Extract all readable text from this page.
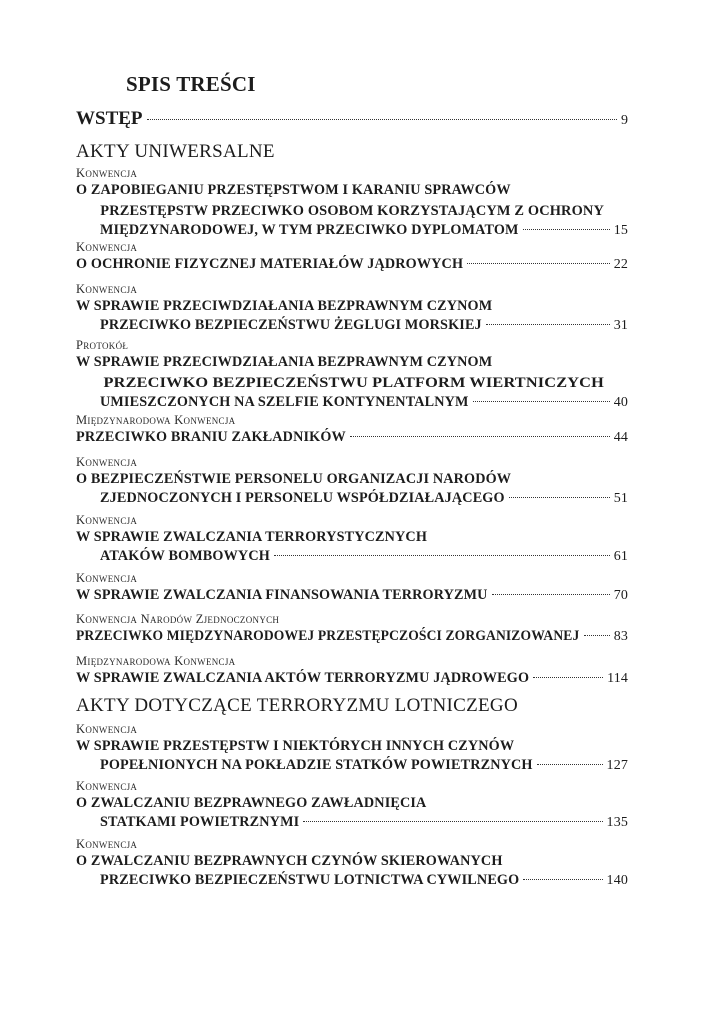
SPIS TREŚCI
WSTĘP	9
AKTY UNIWERSALNE
Konwencja
O ZAPOBIEGANIU PRZESTĘPSTWOM I KARANIU SPRAWCÓW
PRZESTĘPSTW PRZECIWKO OSOBOM KORZYSTAJĄCYM Z OCHRONY
MIĘDZYNARODOWEJ, W TYM PRZECIWKO DYPLOMATOM	15
Konwencja
O OCHRONIE FIZYCZNEJ MATERIAŁÓW JĄDROWYCH	22
Konwencja
W SPRAWIE PRZECIWDZIAŁANIA BEZPRAWNYM CZYNOM
PRZECIWKO BEZPIECZEŃSTWU ŻEGLUGI MORSKIEJ	31
Protokół
W SPRAWIE PRZECIWDZIAŁANIA BEZPRAWNYM CZYNOM
PRZECIWKO BEZPIECZEŃSTWU PLATFORM WIERTNICZYCH
UMIESZCZONYCH NA SZELFIE KONTYNENTALNYM	40
Międzynarodowa Konwencja
PRZECIWKO BRANIU ZAKŁADNIKÓW	44
Konwencja
O BEZPIECZEŃSTWIE PERSONELU ORGANIZACJI NARODÓW
ZJEDNOCZONYCH I PERSONELU WSPÓŁDZIAŁAJĄCEGO	51
Konwencja
W SPRAWIE ZWALCZANIA TERRORYSTYCZNYCH
ATAKÓW BOMBOWYCH	61
Konwencja
W SPRAWIE ZWALCZANIA FINANSOWANIA TERRORYZMU	70
Konwencja Narodów Zjednoczonych
PRZECIWKO MIĘDZYNARODOWEJ PRZESTĘPCZOŚCI ZORGANIZOWANEJ 83
Międzynarodowa Konwencja
W SPRAWIE ZWALCZANIA AKTÓW TERRORYZMU JĄDROWEGO	114
AKTY DOTYCZĄCE TERRORYZMU LOTNICZEGO
Konwencja
W SPRAWIE PRZESTĘPSTW I NIEKTÓRYCH INNYCH CZYNÓW
POPEŁNIONYCH NA POKŁADZIE STATKÓW POWIETRZNYCH	127
Konwencja
O ZWALCZANIU BEZPRAWNEGO ZAWŁADNIĘCIA
STATKAMI POWIETRZNYMI	135
Konwencja
O ZWALCZANIU BEZPRAWNYCH CZYNÓW SKIEROWANYCH
PRZECIWKO BEZPIECZEŃSTWU LOTNICTWA CYWILNEGO	140
